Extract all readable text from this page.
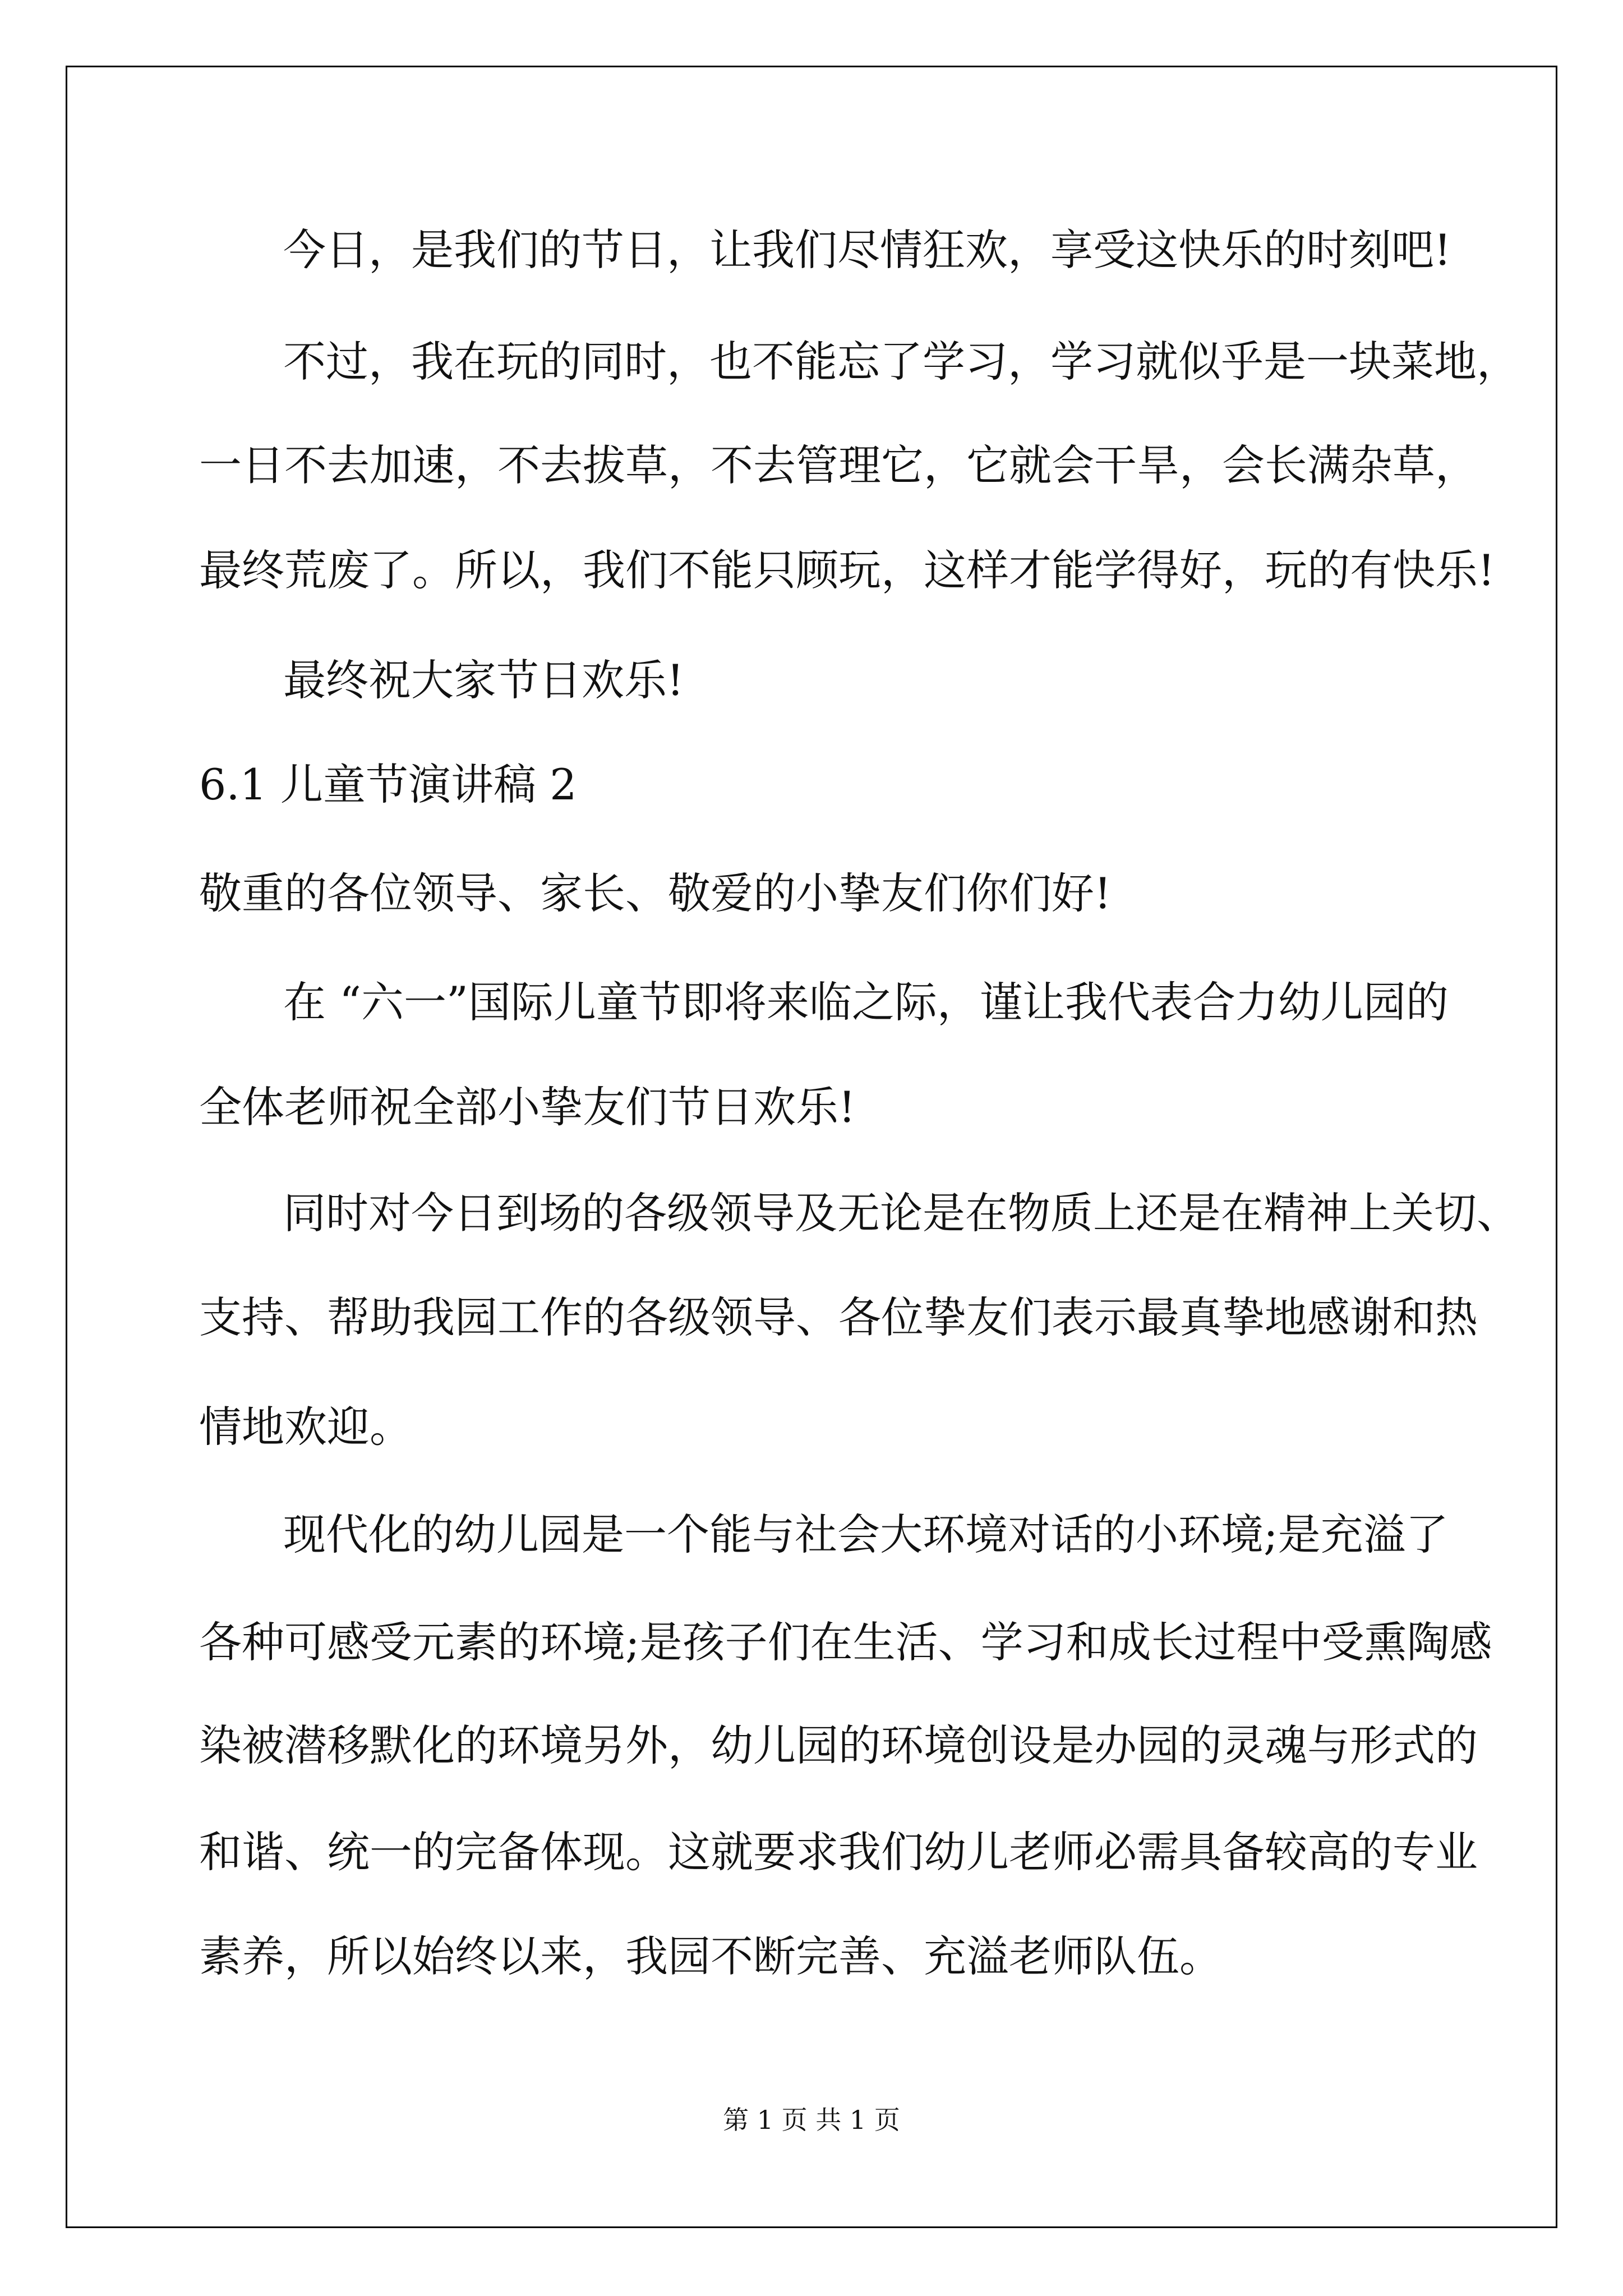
今日，是我们的节日，让我们尽情狂欢，享受这快乐的时刻吧!
不过，我在玩的同时，也不能忘了学习，学习就似乎是一块菜地，
一日不去加速，不去拔草，不去管理它，它就会干旱，会长满杂草，
最终荒废了。所以，我们不能只顾玩，这样才能学得好，玩的有快乐!
最终祝大家节日欢乐!
6.1 儿童节演讲稿 2
敬重的各位领导、家长、敬爱的小挚友们你们好!
在 “六一”国际儿童节即将来临之际，谨让我代表合力幼儿园的
全体老师祝全部小挚友们节日欢乐!
同时对今日到场的各级领导及无论是在物质上还是在精神上关切、
支持、帮助我园工作的各级领导、各位挚友们表示最真挚地感谢和热
情地欢迎。
现代化的幼儿园是一个能与社会大环境对话的小环境;是充溢了
各种可感受元素的环境;是孩子们在生活、学习和成长过程中受熏陶感
染被潜移默化的环境另外，幼儿园的环境创设是办园的灵魂与形式的
和谐、统一的完备体现。这就要求我们幼儿老师必需具备较高的专业
素养，所以始终以来，我园不断完善、充溢老师队伍。
第 1 页 共 1 页
